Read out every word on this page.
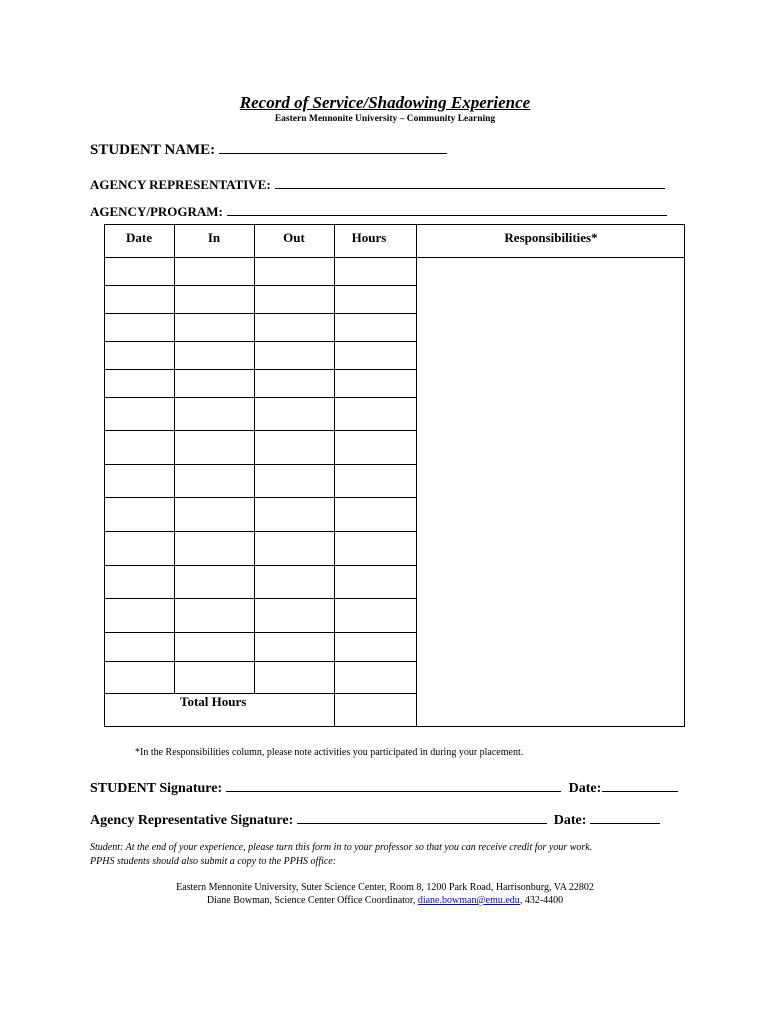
Record of Service/Shadowing Experience
Eastern Mennonite University – Community Learning
STUDENT NAME:
AGENCY REPRESENTATIVE:
AGENCY/PROGRAM:
Date	In	Out	Hours	Responsibilities*
Total Hours
*In the Responsibilities column, please note activities you participated in during your placement.
STUDENT Signature:	Date:
Agency Representative Signature:	Date:
Student: At the end of your experience, please turn this form in to your professor so that you can receive credit for your work.
PPHS students should also submit a copy to the PPHS office:
Eastern Mennonite University, Suter Science Center, Room 8, 1200 Park Road, Harrisonburg, VA 22802
Diane Bowman, Science Center Office Coordinator, diane.bowman@emu.edu, 432-4400
